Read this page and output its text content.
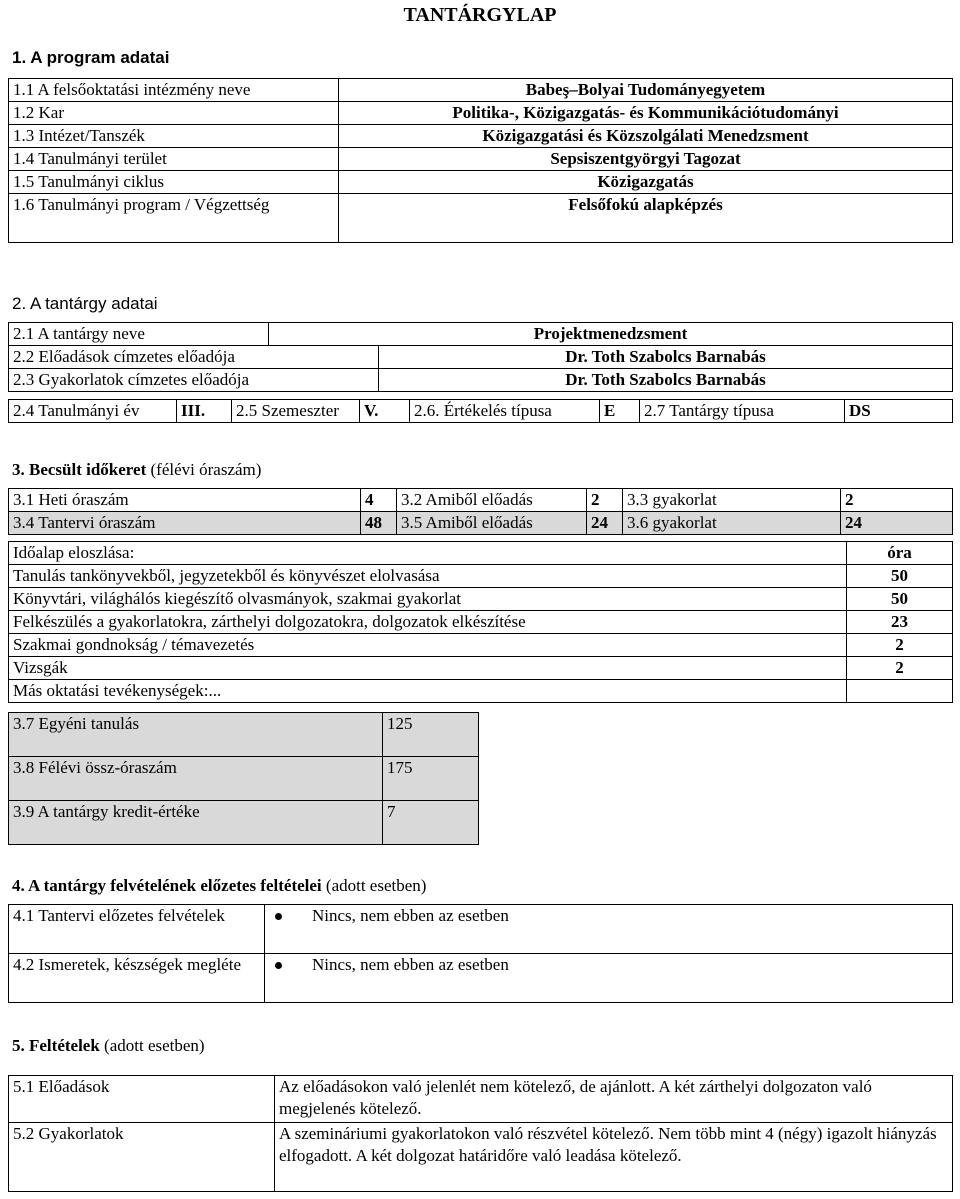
TANTÁRGYLAP
1. A program adatai
1.1 A felsőoktatási intézmény neve	Babeş–Bolyai Tudományegyetem
1.2 Kar	Politika-, Közigazgatás- és Kommunikációtudományi
1.3 Intézet/Tanszék	Közigazgatási és Közszolgálati Menedzsment
1.4 Tanulmányi terület	Sepsiszentgyörgyi Tagozat
1.5 Tanulmányi ciklus	Közigazgatás
1.6 Tanulmányi program / Végzettség	Felsőfokú alapképzés
2. A tantárgy adatai
2.1 A tantárgy neve	Projektmenedzsment
2.2 Előadások címzetes előadója	Dr. Toth Szabolcs Barnabás
2.3 Gyakorlatok címzetes előadója	Dr. Toth Szabolcs Barnabás
2.4 Tanulmányi év	III.	2.5 Szemeszter	V.	2.6. Értékelés típusa	E	2.7 Tantárgy típusa	DS
3. Becsült időkeret (félévi óraszám)
3.1 Heti óraszám	4	3.2 Amiből előadás	2	3.3 gyakorlat	2
3.4 Tantervi óraszám	48	3.5 Amiből előadás	24	3.6 gyakorlat	24
Időalap eloszlása:	óra
Tanulás tankönyvekből, jegyzetekből és könyvészet elolvasása	50
Könyvtári, világhálós kiegészítő olvasmányok, szakmai gyakorlat	50
Felkészülés a gyakorlatokra, zárthelyi dolgozatokra, dolgozatok elkészítése	23
Szakmai gondnokság / témavezetés	2
Vizsgák	2
Más oktatási tevékenységek:...	
3.7 Egyéni tanulás	125
3.8 Félévi össz-óraszám	175
3.9 A tantárgy kredit-értéke	7
4. A tantárgy felvételének előzetes feltételei (adott esetben)
4.1 Tantervi előzetes felvételek	Nincs, nem ebben az esetben
4.2 Ismeretek, készségek megléte	Nincs, nem ebben az esetben
5. Feltételek (adott esetben)
5.1 Előadások	Az előadásokon való jelenlét nem kötelező, de ajánlott. A két zárthelyi dolgozaton való megjelenés kötelező.
5.2 Gyakorlatok	A szemináriumi gyakorlatokon való részvétel kötelező. Nem több mint 4 (négy) igazolt hiányzás elfogadott. A két dolgozat határidőre való leadása kötelező.
